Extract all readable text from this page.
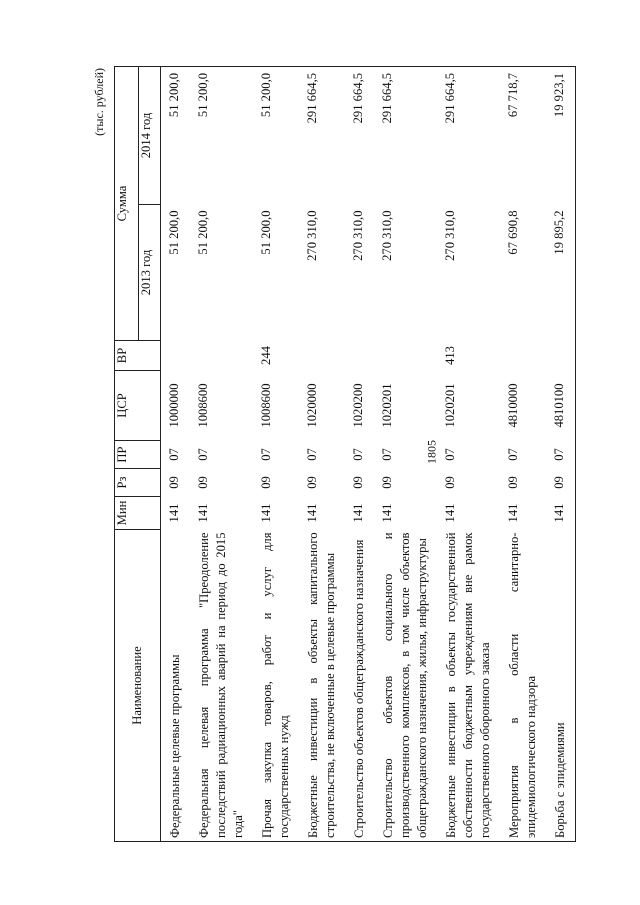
1805
(тыс. рублей)
Наименование	Мин	Рз	ПР	ЦСР	ВР	Сумма	
						2013 год	2014 год
Федеральные целевые программы	141	09	07	1000000		51 200,0	51 200,0
Федеральная целевая программа "Преодоление последствий радиационных аварий на период до 2015 года"	141	09	07	1008600		51 200,0	51 200,0
Прочая закупка товаров, работ и услуг для государственных нужд	141	09	07	1008600	244	51 200,0	51 200,0
Бюджетные инвестиции в объекты капитального строительства, не включенные в целевые программы	141	09	07	1020000		270 310,0	291 664,5
Строительство объектов общегражданского назначения	141	09	07	1020200		270 310,0	291 664,5
Строительство объектов социального и производственного комплексов, в том числе объектов общегражданского назначения, жилья, инфраструктуры	141	09	07	1020201		270 310,0	291 664,5
Бюджетные инвестиции в объекты государственной собственности бюджетным учреждениям вне рамок государственного оборонного заказа	141	09	07	1020201	413	270 310,0	291 664,5
Мероприятия в области санитарно-эпидемиологического надзора	141	09	07	4810000		67 690,8	67 718,7
Борьба с эпидемиями	141	09	07	4810100		19 895,2	19 923,1
